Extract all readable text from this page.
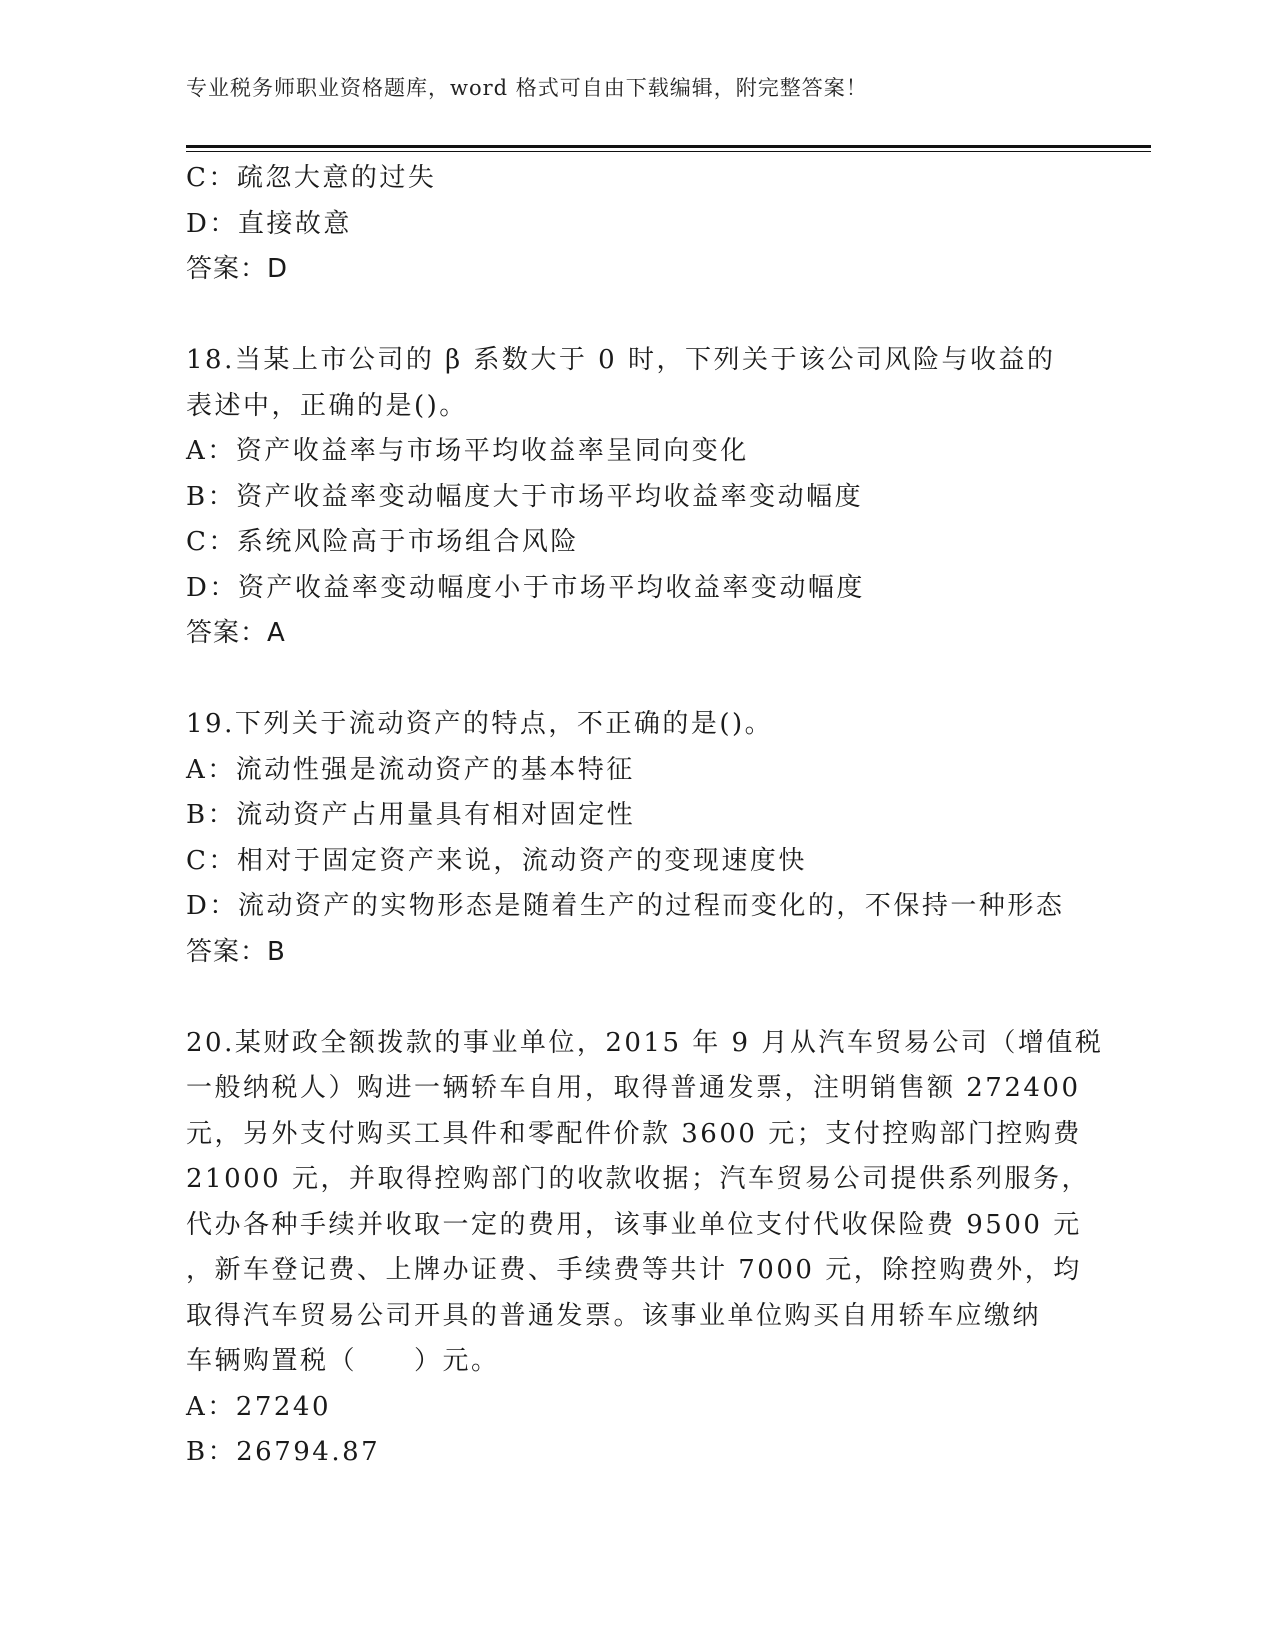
专业税务师职业资格题库，word 格式可自由下载编辑，附完整答案！
C：疏忽大意的过失
D：直接故意
答案：D
18.当某上市公司的 β 系数大于 0 时，下列关于该公司风险与收益的
表述中，正确的是()。
A：资产收益率与市场平均收益率呈同向变化
B：资产收益率变动幅度大于市场平均收益率变动幅度
C：系统风险高于市场组合风险
D：资产收益率变动幅度小于市场平均收益率变动幅度
答案：A
19.下列关于流动资产的特点，不正确的是()。
A：流动性强是流动资产的基本特征
B：流动资产占用量具有相对固定性
C：相对于固定资产来说，流动资产的变现速度快
D：流动资产的实物形态是随着生产的过程而变化的，不保持一种形态
答案：B
20.某财政全额拨款的事业单位，2015 年 9 月从汽车贸易公司（增值税
一般纳税人）购进一辆轿车自用，取得普通发票，注明销售额 272400
元，另外支付购买工具件和零配件价款 3600 元；支付控购部门控购费
21000 元，并取得控购部门的收款收据；汽车贸易公司提供系列服务，
代办各种手续并收取一定的费用，该事业单位支付代收保险费 9500 元
，新车登记费、上牌办证费、手续费等共计 7000 元，除控购费外，均
取得汽车贸易公司开具的普通发票。该事业单位购买自用轿车应缴纳
车辆购置税（　　）元。
A：27240
B：26794.87
